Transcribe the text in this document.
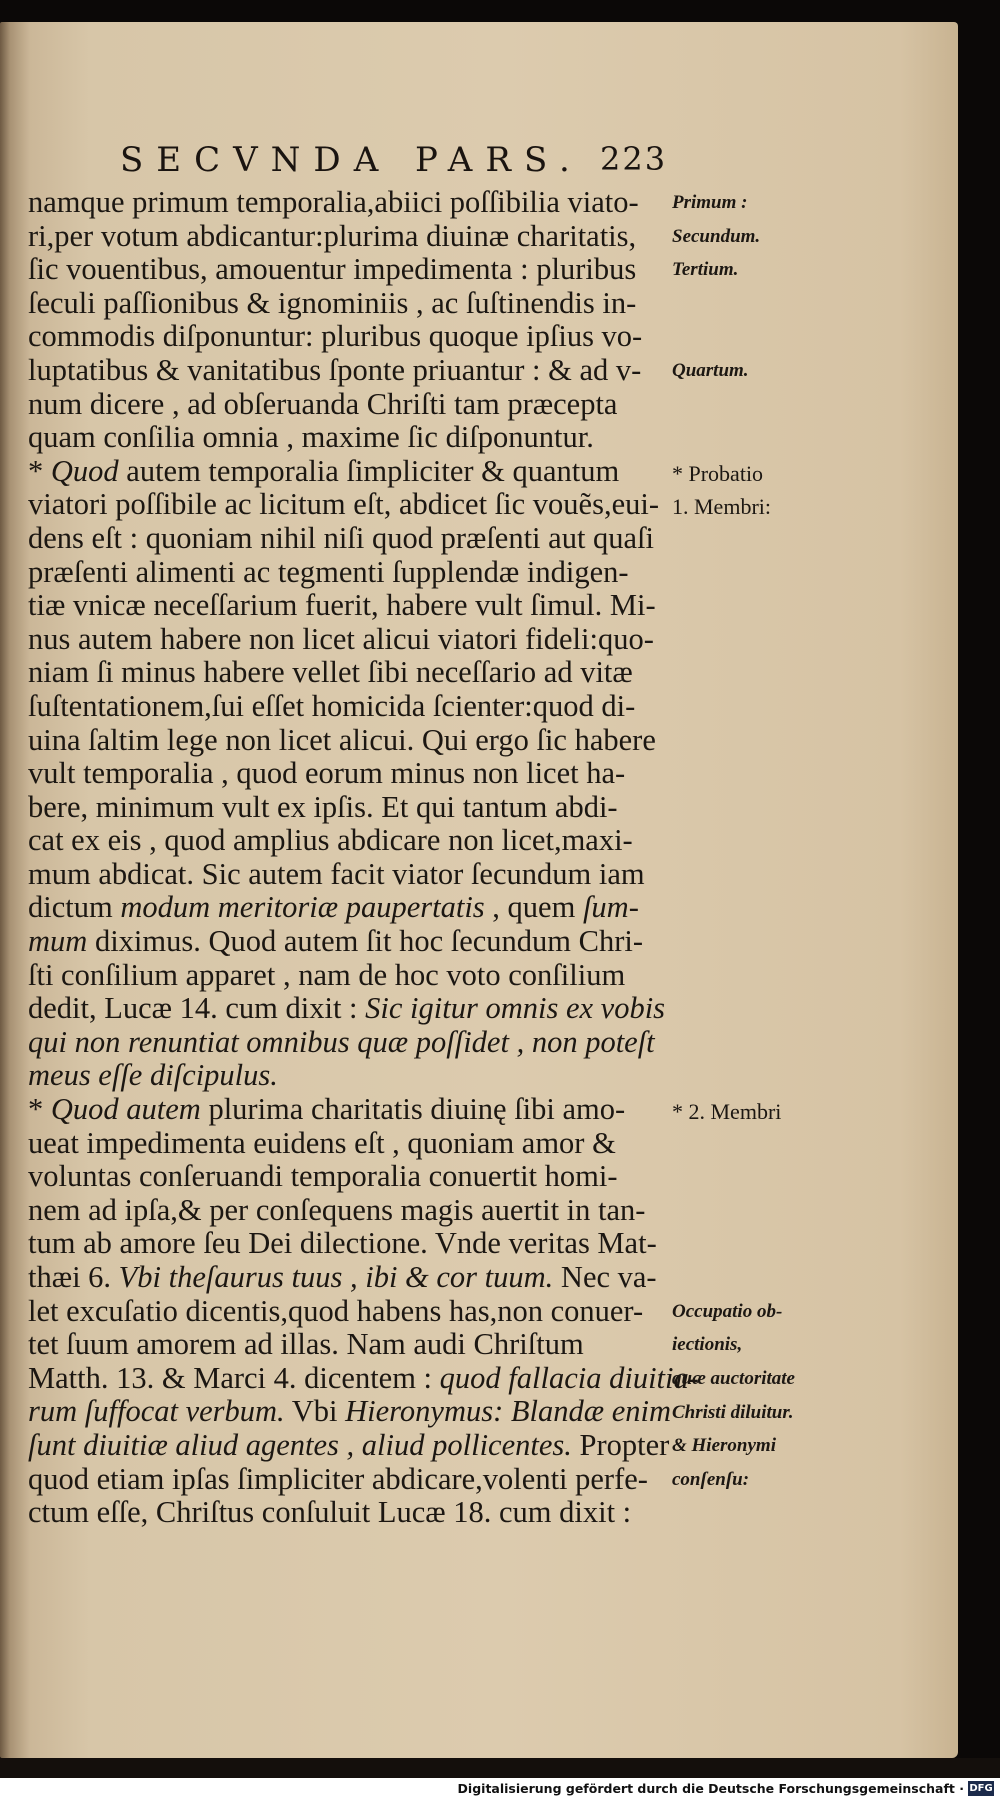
SECVNDA PARS. 223
namque primum temporalia,abiici poſſibilia viato-
ri,per votum abdicantur:plurima diuinæ charitatis,
ſic vouentibus, amouentur impedimenta : pluribus
ſeculi paſſionibus & ignominiis , ac ſuſtinendis in-
commodis diſponuntur: pluribus quoque ipſius vo-
luptatibus & vanitatibus ſponte priuantur : & ad v-
num dicere , ad obſeruanda Chriſti tam præcepta
quam conſilia omnia , maxime ſic diſponuntur.
* Quod autem temporalia ſimpliciter & quantum
viatori poſſibile ac licitum eſt, abdicet ſic vouẽs,eui-
dens eſt : quoniam nihil niſi quod præſenti aut quaſi
præſenti alimenti ac tegmenti ſupplendæ indigen-
tiæ vnicæ neceſſarium fuerit, habere vult ſimul. Mi-
nus autem habere non licet alicui viatori fideli:quo-
niam ſi minus habere vellet ſibi neceſſario ad vitæ
ſuſtentationem,ſui eſſet homicida ſcienter:quod di-
uina ſaltim lege non licet alicui. Qui ergo ſic habere
vult temporalia , quod eorum minus non licet ha-
bere, minimum vult ex ipſis. Et qui tantum abdi-
cat ex eis , quod amplius abdicare non licet,maxi-
mum abdicat. Sic autem facit viator ſecundum iam
dictum modum meritoriæ paupertatis , quem ſum-
mum diximus. Quod autem ſit hoc ſecundum Chri-
ſti conſilium apparet , nam de hoc voto conſilium
dedit, Lucæ 14. cum dixit : Sic igitur omnis ex vobis
qui non renuntiat omnibus quæ poſſidet , non poteſt
meus eſſe diſcipulus.
* Quod autem plurima charitatis diuinę ſibi amo-
ueat impedimenta euidens eſt , quoniam amor &
voluntas conſeruandi temporalia conuertit homi-
nem ad ipſa,& per conſequens magis auertit in tan-
tum ab amore ſeu Dei dilectione. Vnde veritas Mat-
thæi 6. Vbi theſaurus tuus , ibi & cor tuum. Nec va-
let excuſatio dicentis,quod habens has,non conuer-
tet ſuum amorem ad illas. Nam audi Chriſtum
Matth. 13. & Marci 4. dicentem : quod fallacia diuitia-
rum ſuffocat verbum. Vbi Hieronymus: Blandæ enim
ſunt diuitiæ aliud agentes , aliud pollicentes. Propter
quod etiam ipſas ſimpliciter abdicare,volenti perfe-
ctum eſſe, Chriſtus conſuluit Lucæ 18. cum dixit :
Primum :
Secundum.
Tertium.
Quartum.
* Probatio
1. Membri:
* 2. Membri
Occupatio ob-
iectionis,
quæ auctoritate
Christi diluitur.
& Hieronymi
conſenſu:
Digitalisierung gefördert durch die Deutsche Forschungsgemeinschaft · DFG
